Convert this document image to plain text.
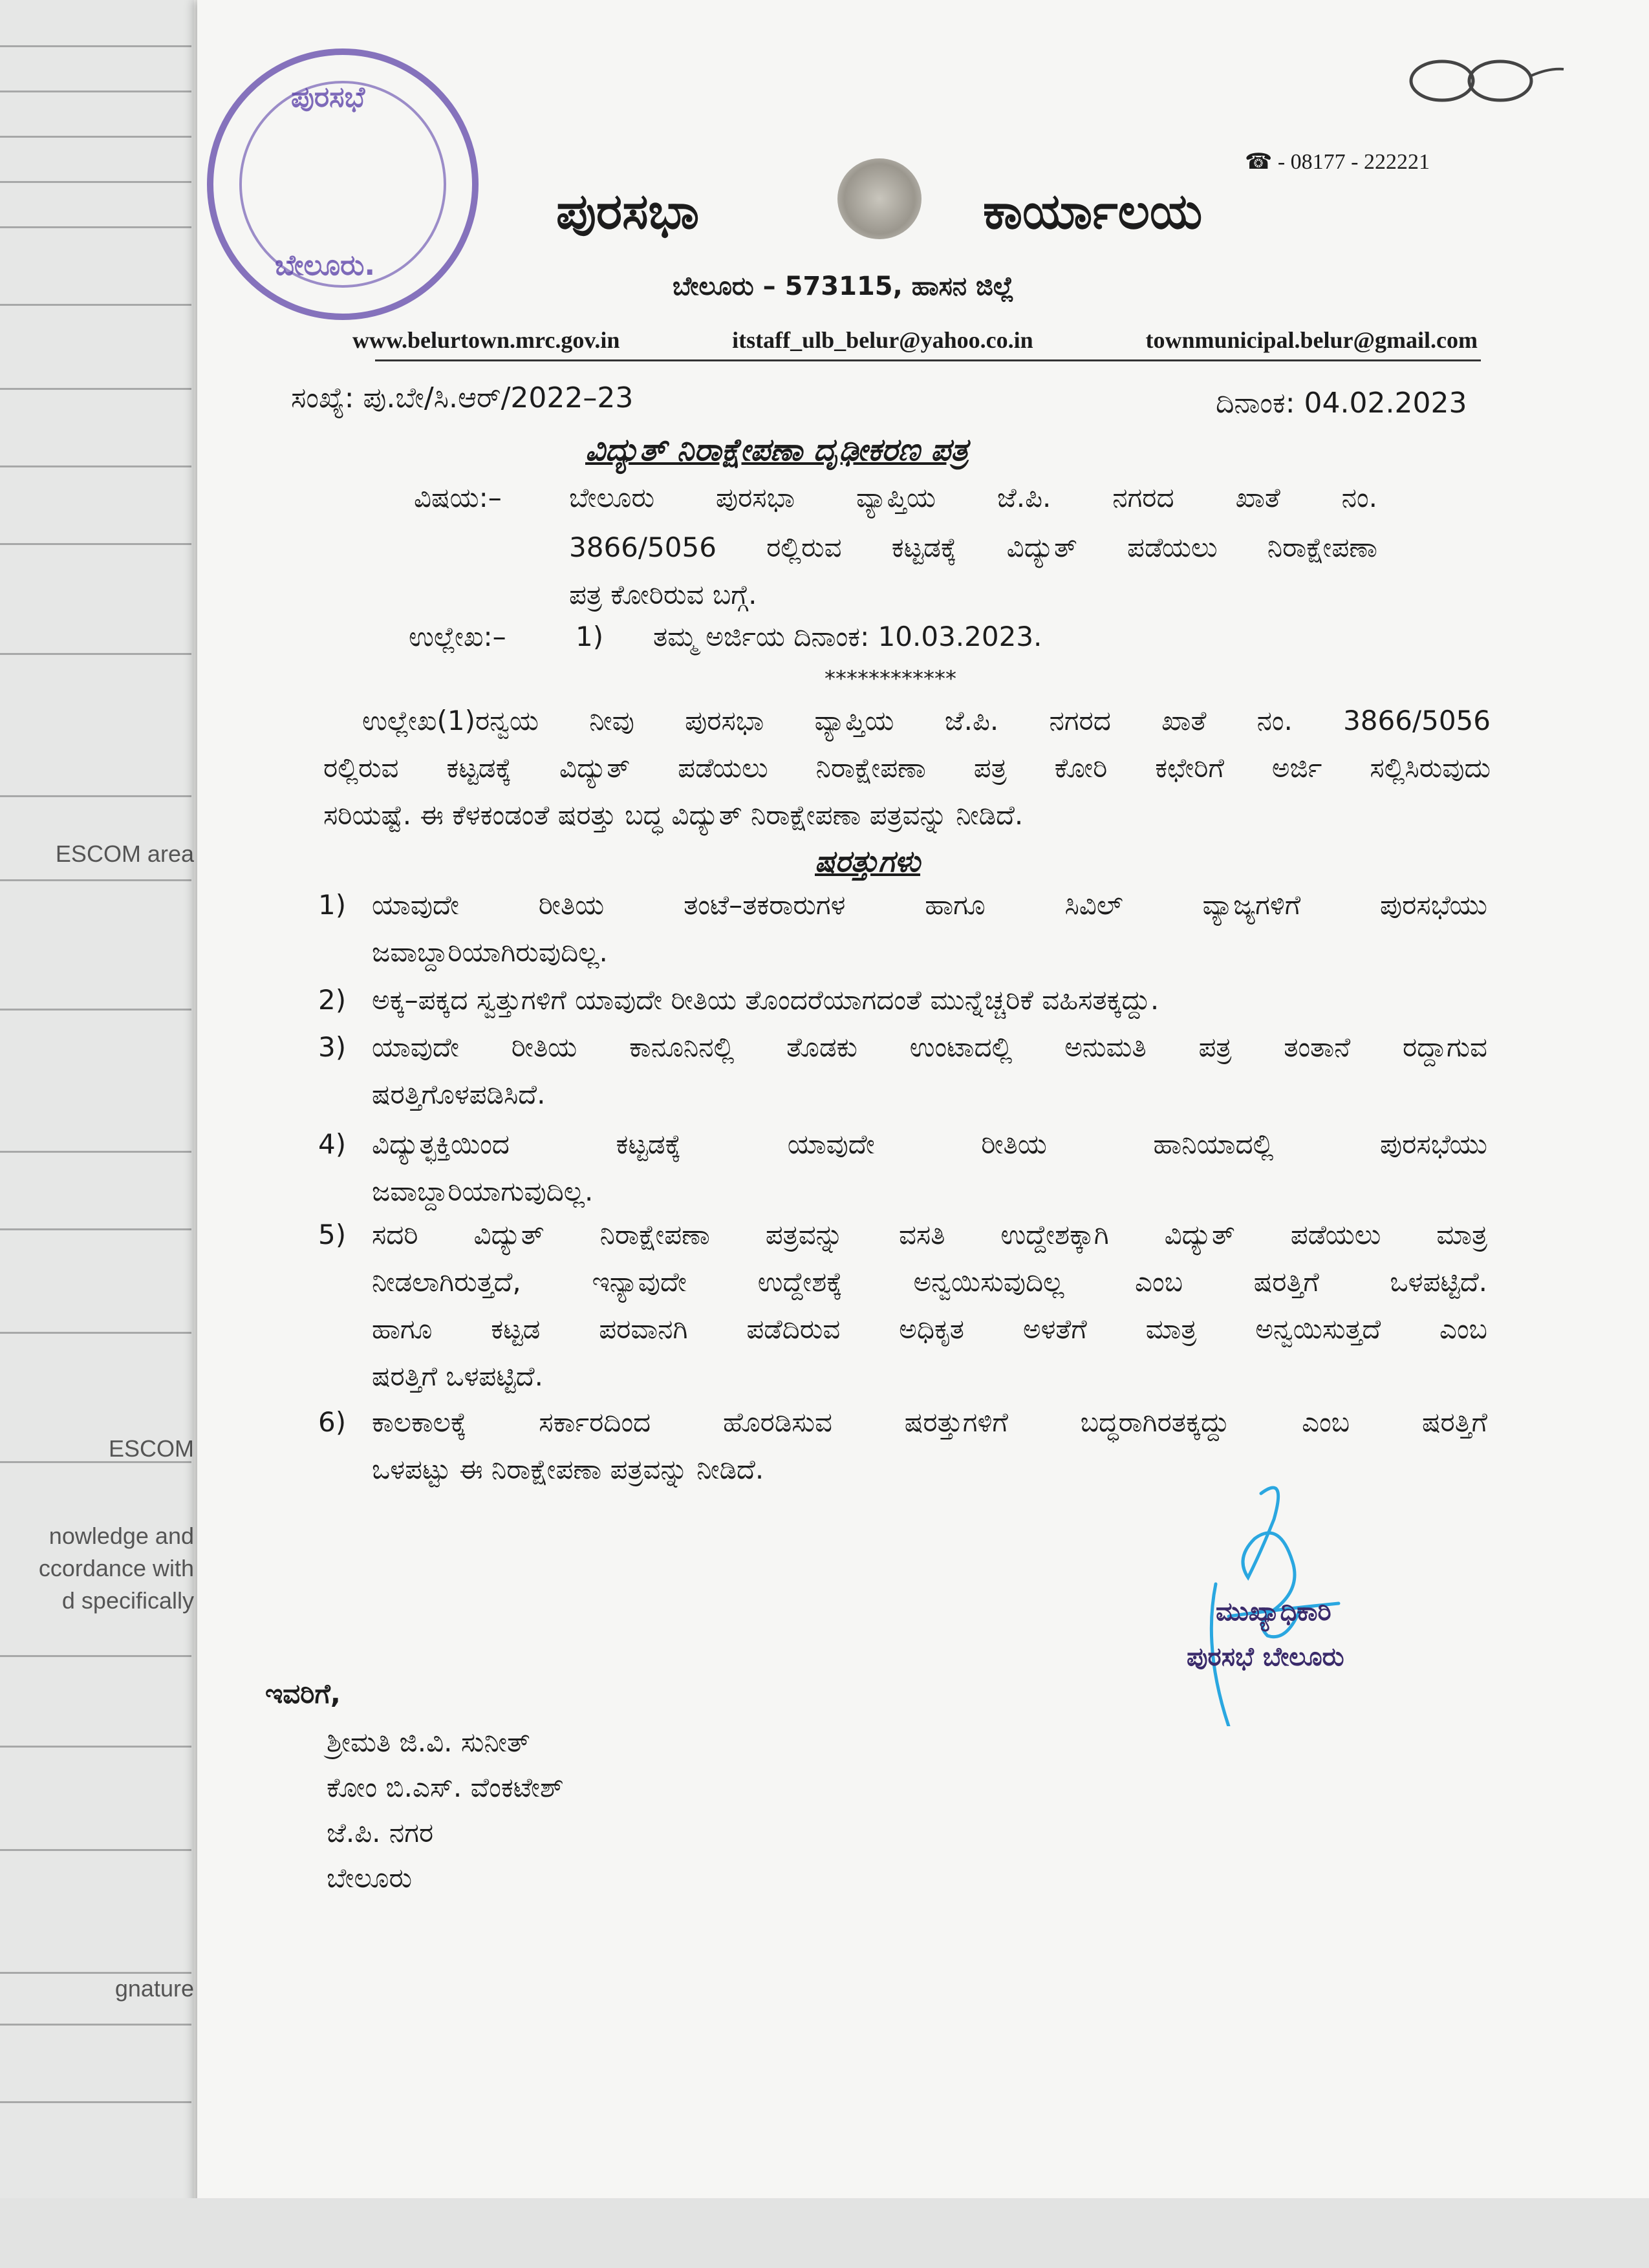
ESCOM area
ESCOM
nowledge and
ccordance with
d specifically
gnature
ಪುರಸಭೆ
ಬೇಲೂರು.
☎ - 08177 - 222221
ಪುರಸಭಾ	ಕಾರ್ಯಾಲಯ
ಬೇಲೂರು – 573115, ಹಾಸನ ಜಿಲ್ಲೆ
www.belurtown.mrc.gov.in	itstaff_ulb_belur@yahoo.co.in	townmunicipal.belur@gmail.com
ಸಂಖ್ಯೆ: ಪು.ಬೇ/ಸಿ.ಆರ್/2022–23	ದಿನಾಂಕ: 04.02.2023
ವಿದ್ಯುತ್ ನಿರಾಕ್ಷೇಪಣಾ ದೃಢೀಕರಣ ಪತ್ರ
ವಿಷಯ:– ಬೇಲೂರು ಪುರಸಭಾ ವ್ಯಾಪ್ತಿಯ ಜೆ.ಪಿ. ನಗರದ ಖಾತೆ ನಂ.
3866/5056 ರಲ್ಲಿರುವ ಕಟ್ಟಡಕ್ಕೆ ವಿದ್ಯುತ್ ಪಡೆಯಲು ನಿರಾಕ್ಷೇಪಣಾ
ಪತ್ರ ಕೋರಿರುವ ಬಗ್ಗೆ.
ಉಲ್ಲೇಖ:–	1) ತಮ್ಮ ಅರ್ಜಿಯ ದಿನಾಂಕ: 10.03.2023.
************
ಉಲ್ಲೇಖ(1)ರನ್ವಯ ನೀವು ಪುರಸಭಾ ವ್ಯಾಪ್ತಿಯ ಜೆ.ಪಿ. ನಗರದ ಖಾತೆ ನಂ. 3866/5056
ರಲ್ಲಿರುವ ಕಟ್ಟಡಕ್ಕೆ ವಿದ್ಯುತ್ ಪಡೆಯಲು ನಿರಾಕ್ಷೇಪಣಾ ಪತ್ರ ಕೋರಿ ಕಛೇರಿಗೆ ಅರ್ಜಿ ಸಲ್ಲಿಸಿರುವುದು
ಸರಿಯಷ್ಟೆ. ಈ ಕೆಳಕಂಡಂತೆ ಷರತ್ತು ಬದ್ಧ ವಿದ್ಯುತ್ ನಿರಾಕ್ಷೇಪಣಾ ಪತ್ರವನ್ನು ನೀಡಿದೆ.
ಷರತ್ತುಗಳು
1) ಯಾವುದೇ ರೀತಿಯ ತಂಟೆ–ತಕರಾರುಗಳ ಹಾಗೂ ಸಿವಿಲ್ ವ್ಯಾಜ್ಯಗಳಿಗೆ ಪುರಸಭೆಯು
ಜವಾಬ್ದಾರಿಯಾಗಿರುವುದಿಲ್ಲ.
2) ಅಕ್ಕ–ಪಕ್ಕದ ಸ್ವತ್ತುಗಳಿಗೆ ಯಾವುದೇ ರೀತಿಯ ತೊಂದರೆಯಾಗದಂತೆ ಮುನ್ನೆಚ್ಚರಿಕೆ ವಹಿಸತಕ್ಕದ್ದು.
3) ಯಾವುದೇ ರೀತಿಯ ಕಾನೂನಿನಲ್ಲಿ ತೊಡಕು ಉಂಟಾದಲ್ಲಿ ಅನುಮತಿ ಪತ್ರ ತಂತಾನೆ ರದ್ದಾಗುವ
ಷರತ್ತಿಗೊಳಪಡಿಸಿದೆ.
4) ವಿದ್ಯುತ್ಛಕ್ತಿಯಿಂದ ಕಟ್ಟಡಕ್ಕೆ ಯಾವುದೇ ರೀತಿಯ ಹಾನಿಯಾದಲ್ಲಿ ಪುರಸಭೆಯು
ಜವಾಬ್ದಾರಿಯಾಗುವುದಿಲ್ಲ.
5) ಸದರಿ ವಿದ್ಯುತ್ ನಿರಾಕ್ಷೇಪಣಾ ಪತ್ರವನ್ನು ವಸತಿ ಉದ್ದೇಶಕ್ಕಾಗಿ ವಿದ್ಯುತ್ ಪಡೆಯಲು ಮಾತ್ರ
ನೀಡಲಾಗಿರುತ್ತದೆ, ಇನ್ಯಾವುದೇ ಉದ್ದೇಶಕ್ಕೆ ಅನ್ವಯಿಸುವುದಿಲ್ಲ ಎಂಬ ಷರತ್ತಿಗೆ ಒಳಪಟ್ಟಿದೆ.
ಹಾಗೂ ಕಟ್ಟಡ ಪರವಾನಗಿ ಪಡೆದಿರುವ ಅಧಿಕೃತ ಅಳತೆಗೆ ಮಾತ್ರ ಅನ್ವಯಿಸುತ್ತದೆ ಎಂಬ
ಷರತ್ತಿಗೆ ಒಳಪಟ್ಟಿದೆ.
6) ಕಾಲಕಾಲಕ್ಕೆ ಸರ್ಕಾರದಿಂದ ಹೊರಡಿಸುವ ಷರತ್ತುಗಳಿಗೆ ಬದ್ಧರಾಗಿರತಕ್ಕದ್ದು ಎಂಬ ಷರತ್ತಿಗೆ
ಒಳಪಟ್ಟು ಈ ನಿರಾಕ್ಷೇಪಣಾ ಪತ್ರವನ್ನು ನೀಡಿದೆ.
ಮುಖ್ಯಾಧಿಕಾರಿ
ಪುರಸಭೆ ಬೇಲೂರು
ಇವರಿಗೆ,
ಶ್ರೀಮತಿ ಜಿ.ವಿ. ಸುನೀತ್
ಕೋಂ ಬಿ.ಎಸ್. ವೆಂಕಟೇಶ್
ಜೆ.ಪಿ. ನಗರ
ಬೇಲೂರು
